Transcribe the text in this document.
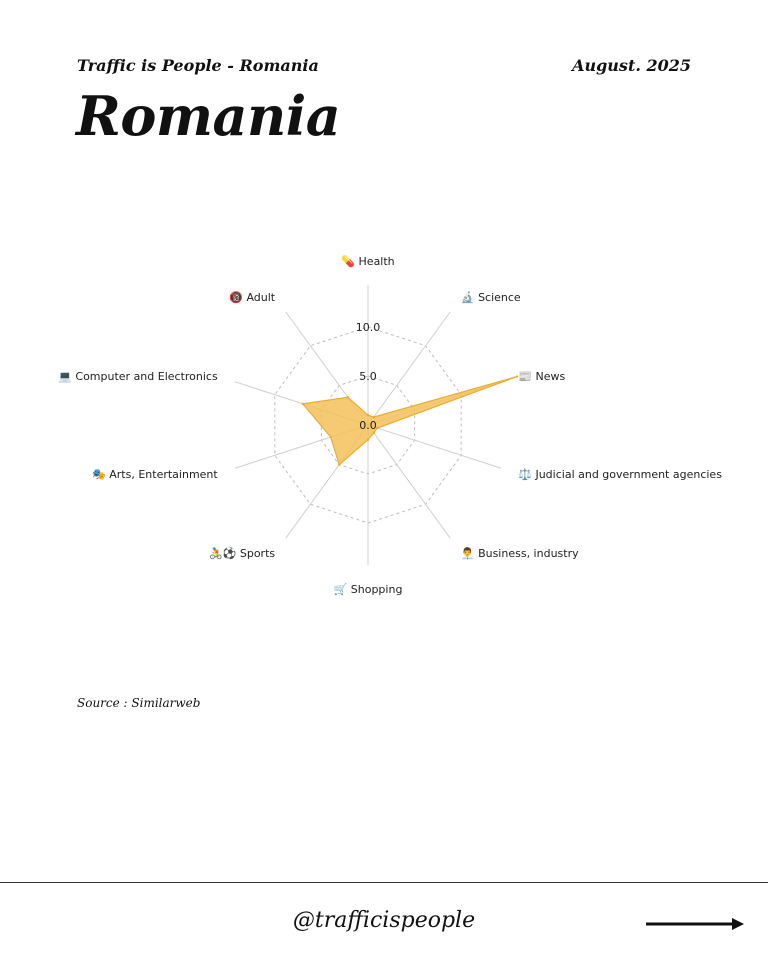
Traffic is People - Romania	August. 2025
Romania
0.0
5.0
10.0
💊 Health
🔬 Science
📰 News
⚖️ Judicial and government agencies
👨‍💼 Business, industry
🛒 Shopping
🚴⚽ Sports
🎭 Arts, Entertainment
💻 Computer and Electronics
🔞 Adult
Source : Similarweb
@trafficispeople
